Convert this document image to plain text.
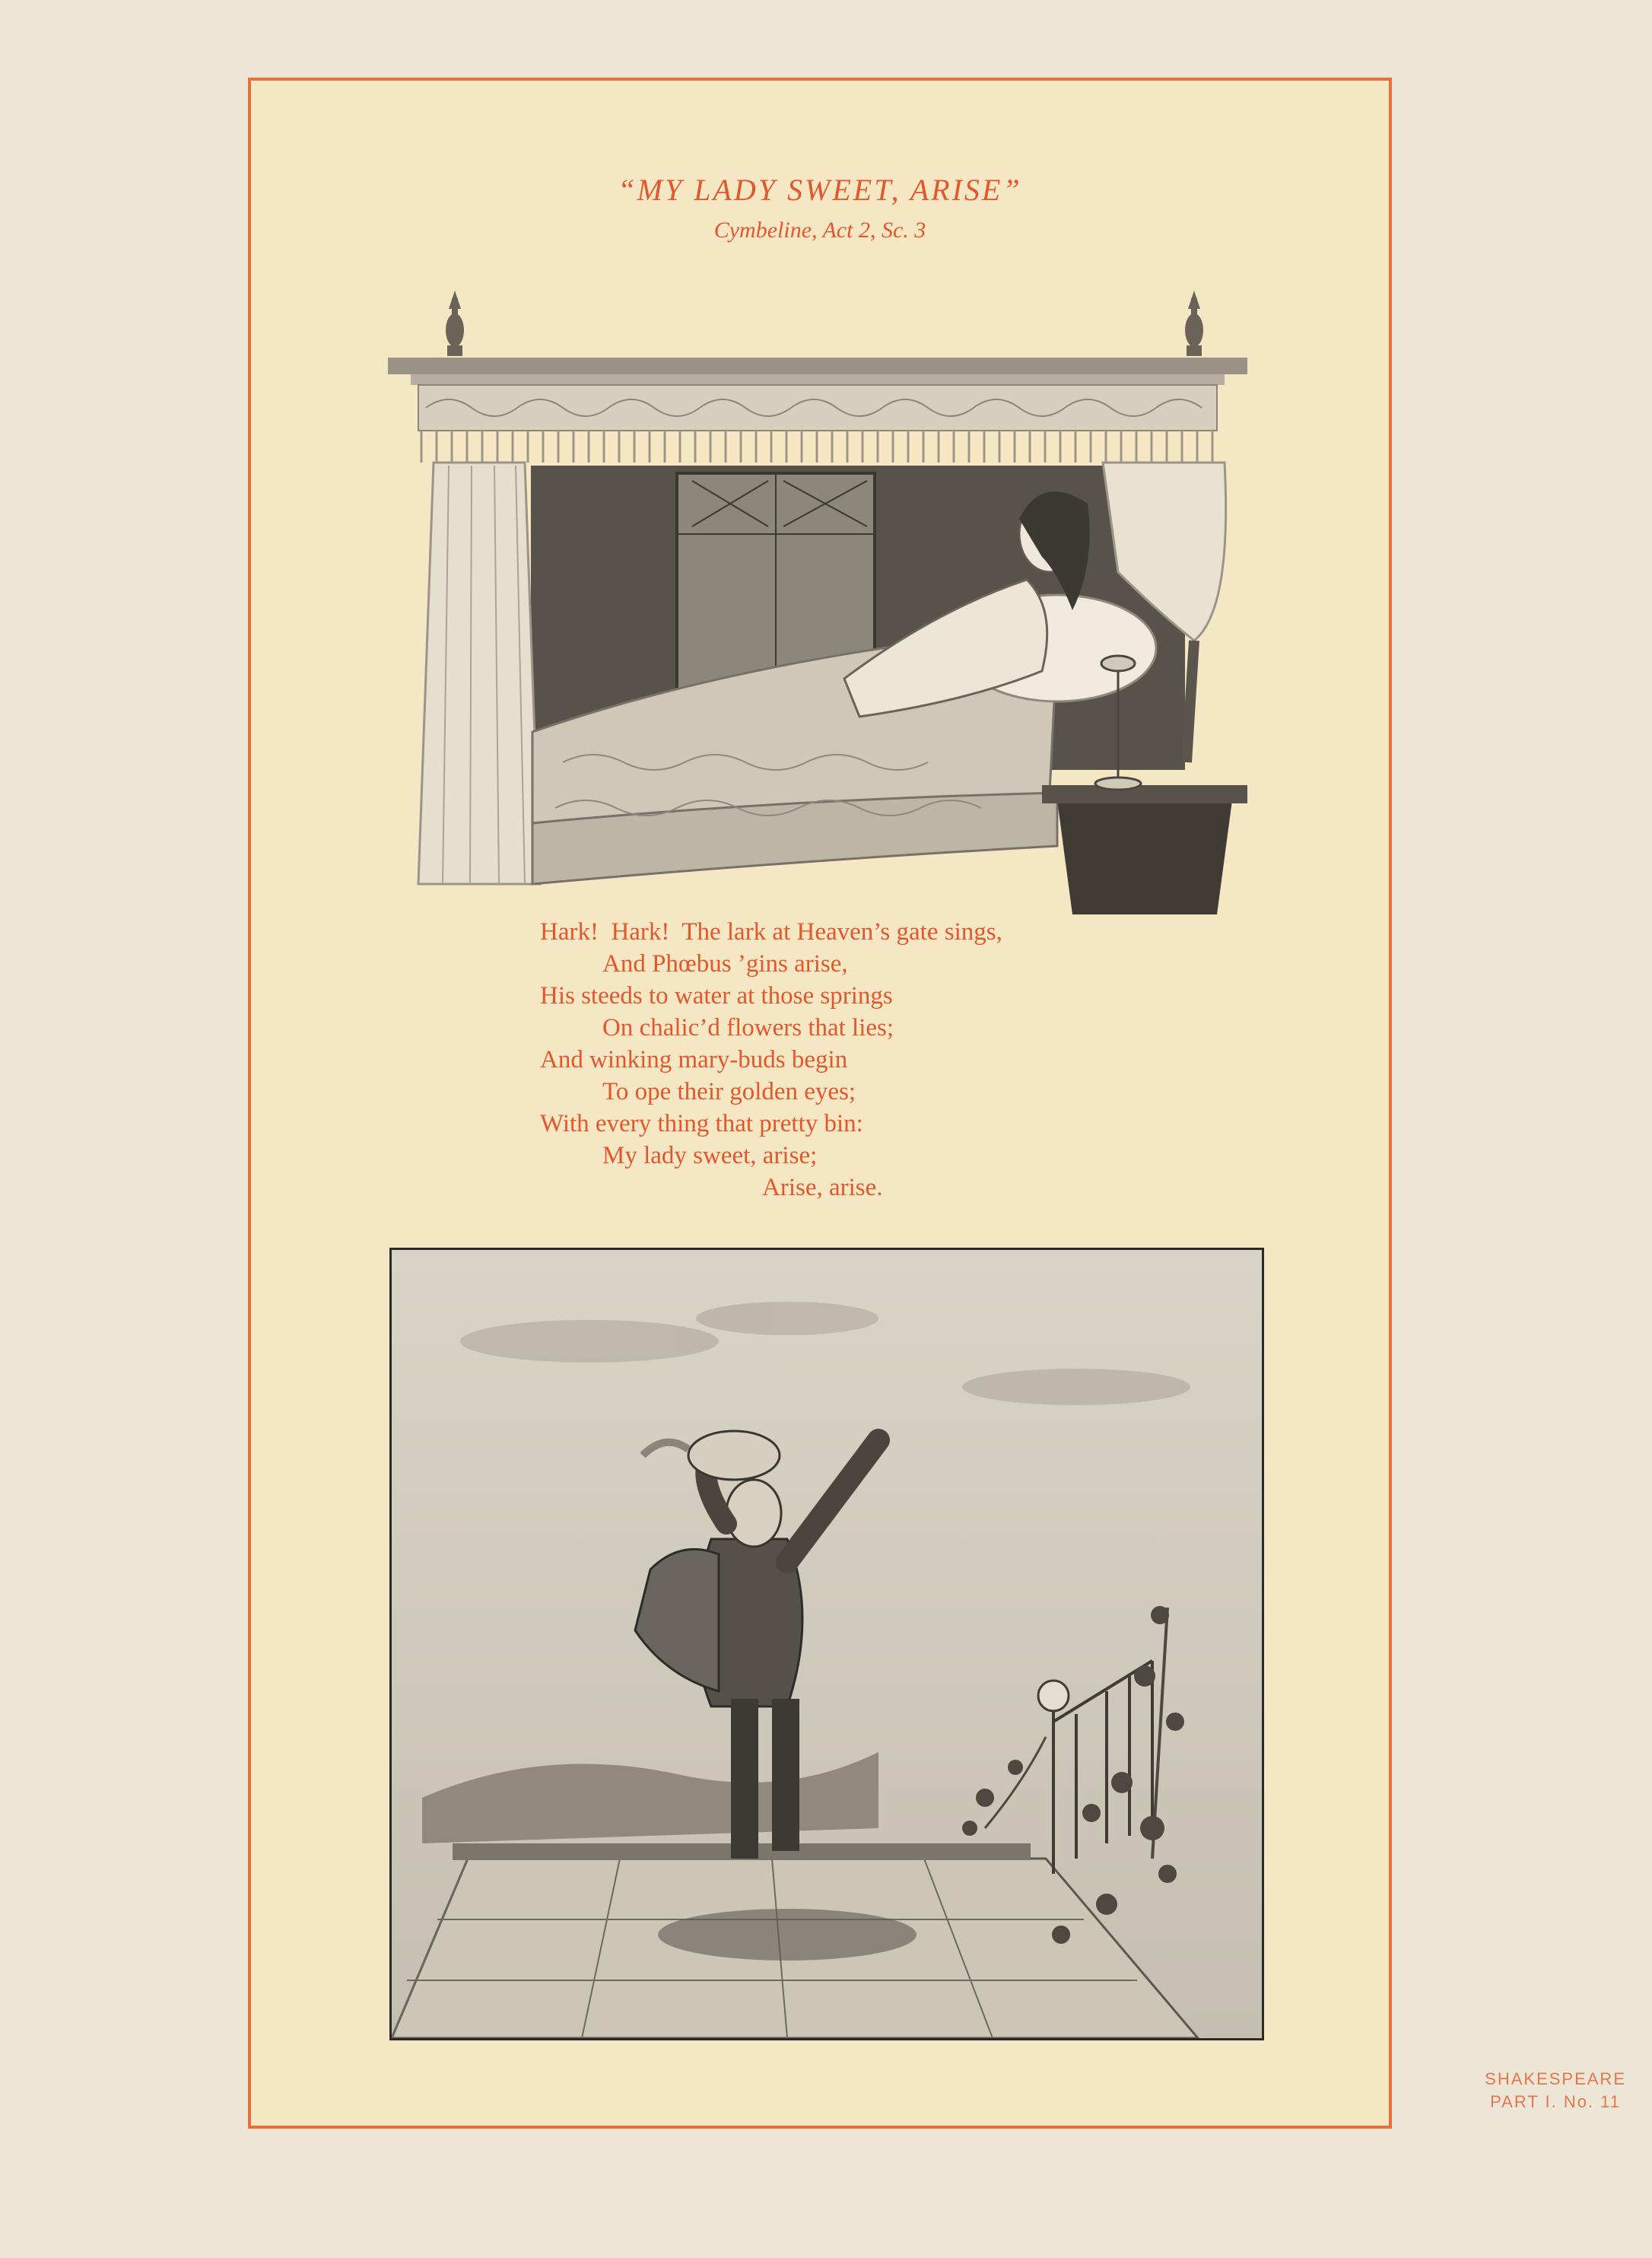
“MY LADY SWEET, ARISE”

Cymbeline, Act 2, Sc. 3

Hark!  Hark!  The lark at Heaven’s gate sings,
And Phœbus ’gins arise,
His steeds to water at those springs
On chalic’d flowers that lies;
And winking mary-buds begin
To ope their golden eyes;
With every thing that pretty bin:
My lady sweet, arise;
Arise, arise.
SHAKESPEARE
PART I. No. 11
